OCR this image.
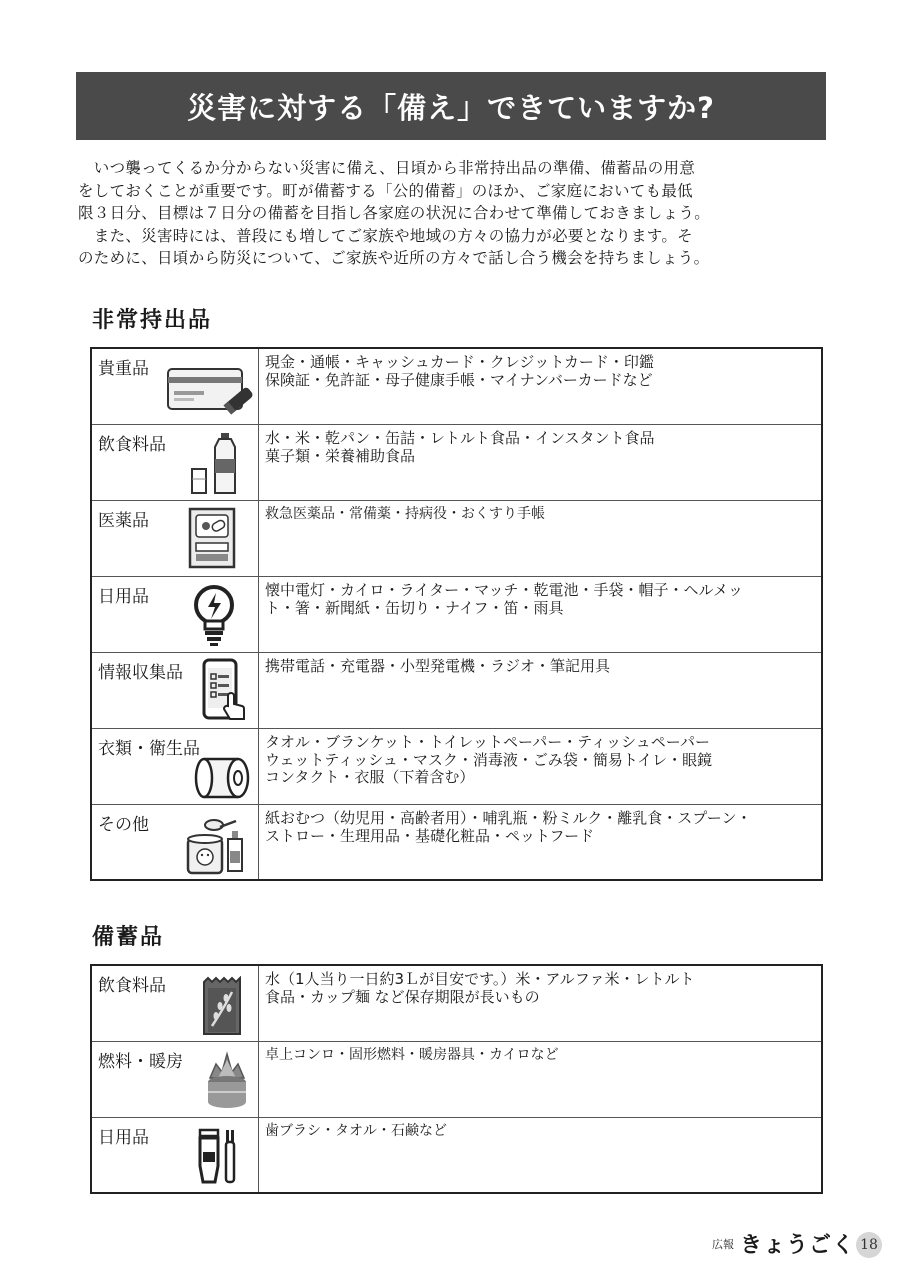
災害に対する「備え」できていますか?

　いつ襲ってくるか分からない災害に備え、日頃から非常持出品の準備、備蓄品の用意

をしておくことが重要です。町が備蓄する「公的備蓄」のほか、ご家庭においても最低

限３日分、目標は７日分の備蓄を目指し各家庭の状況に合わせて準備しておきましょう。

　また、災害時には、普段にも増してご家族や地域の方々の協力が必要となります。そ

のために、日頃から防災について、ご家族や近所の方々で話し合う機会を持ちましょう。

非常持出品
貴重品	現金・通帳・キャッシュカード・クレジットカード・印鑑

保険証・免許証・母子健康手帳・マイナンバーカードなど

飲食料品	水・米・乾パン・缶詰・レトルト食品・インスタント食品

菓子類・栄養補助食品

医薬品	救急医薬品・常備薬・持病役・おくすり手帳

日用品	懐中電灯・カイロ・ライター・マッチ・乾電池・手袋・帽子・ヘルメッ

ト・箸・新聞紙・缶切り・ナイフ・笛・雨具

情報収集品	携帯電話・充電器・小型発電機・ラジオ・筆記用具

衣類・衛生品	タオル・ブランケット・トイレットペーパー・ティッシュペーパー

ウェットティッシュ・マスク・消毒液・ごみ袋・簡易トイレ・眼鏡

コンタクト・衣服（下着含む）

その他	紙おむつ（幼児用・高齢者用）・哺乳瓶・粉ミルク・離乳食・スプーン・

ストロー・生理用品・基礎化粧品・ペットフード

備蓄品
飲食料品	水（1人当り一日約3Ｌが目安です。）米・アルファ米・レトルト

食品・カップ麺 など保存期限が長いもの

燃料・暖房	卓上コンロ・固形燃料・暖房器具・カイロなど

日用品	歯ブラシ・タオル・石鹸など

広報 きょうごく 18
